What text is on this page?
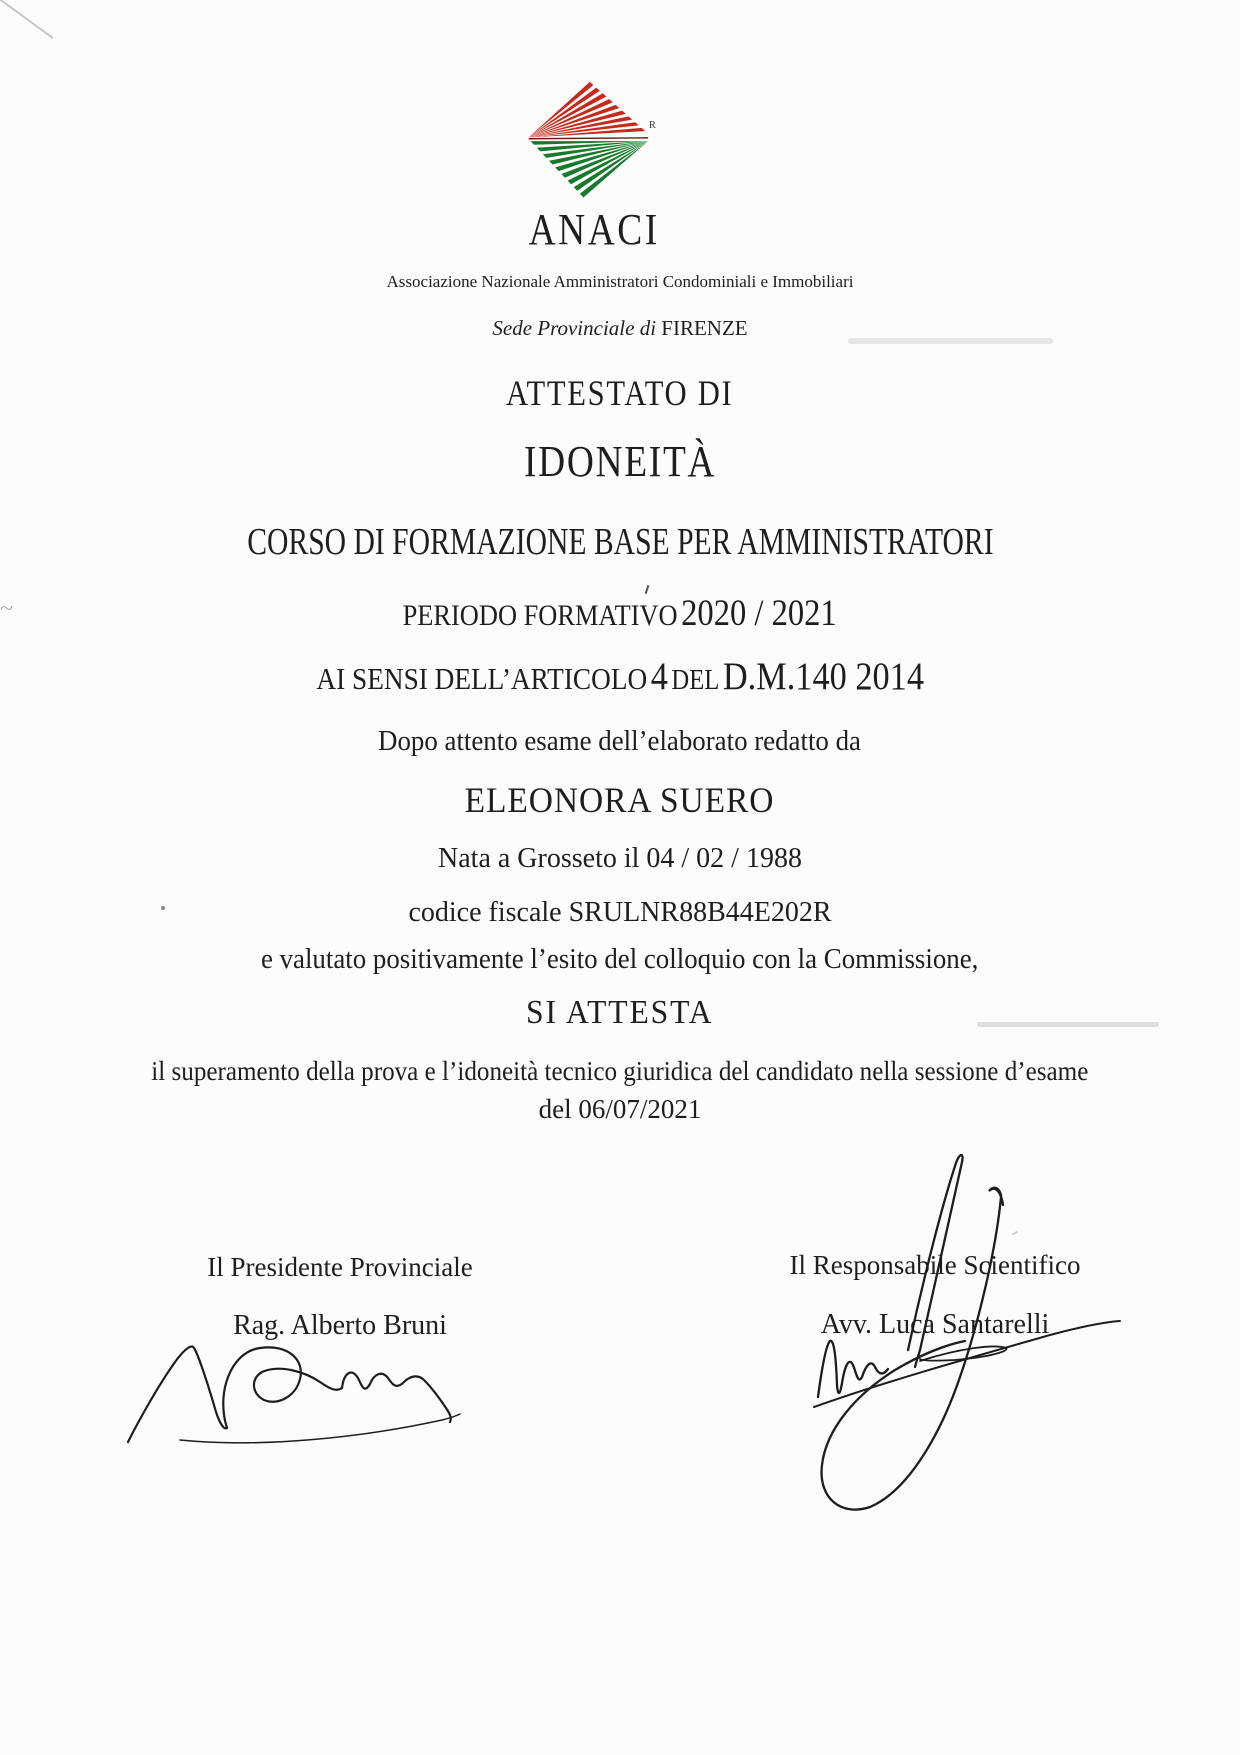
~
R
ANACI
Associazione Nazionale Amministratori Condominiali e Immobiliari
Sede Provinciale di FIRENZE
ATTESTATO DI
IDONEITÀ
CORSO DI FORMAZIONE BASE PER AMMINISTRATORI
PERIODO FORMATIVO 2020 / 2021
AI SENSI DELL’ARTICOLO 4 DEL D.M.140 2014
Dopo attento esame dell’elaborato redatto da
ELEONORA SUERO
Nata a Grosseto il 04 / 02 / 1988
codice fiscale SRULNR88B44E202R
e valutato positivamente l’esito del colloquio con la Commissione,
SI ATTESTA
il superamento della prova e l’idoneità tecnico giuridica del candidato nella sessione d’esame
del 06/07/2021
Il Presidente Provinciale
Rag. Alberto Bruni
Il Responsabile Scientifico
Avv. Luca Santarelli
